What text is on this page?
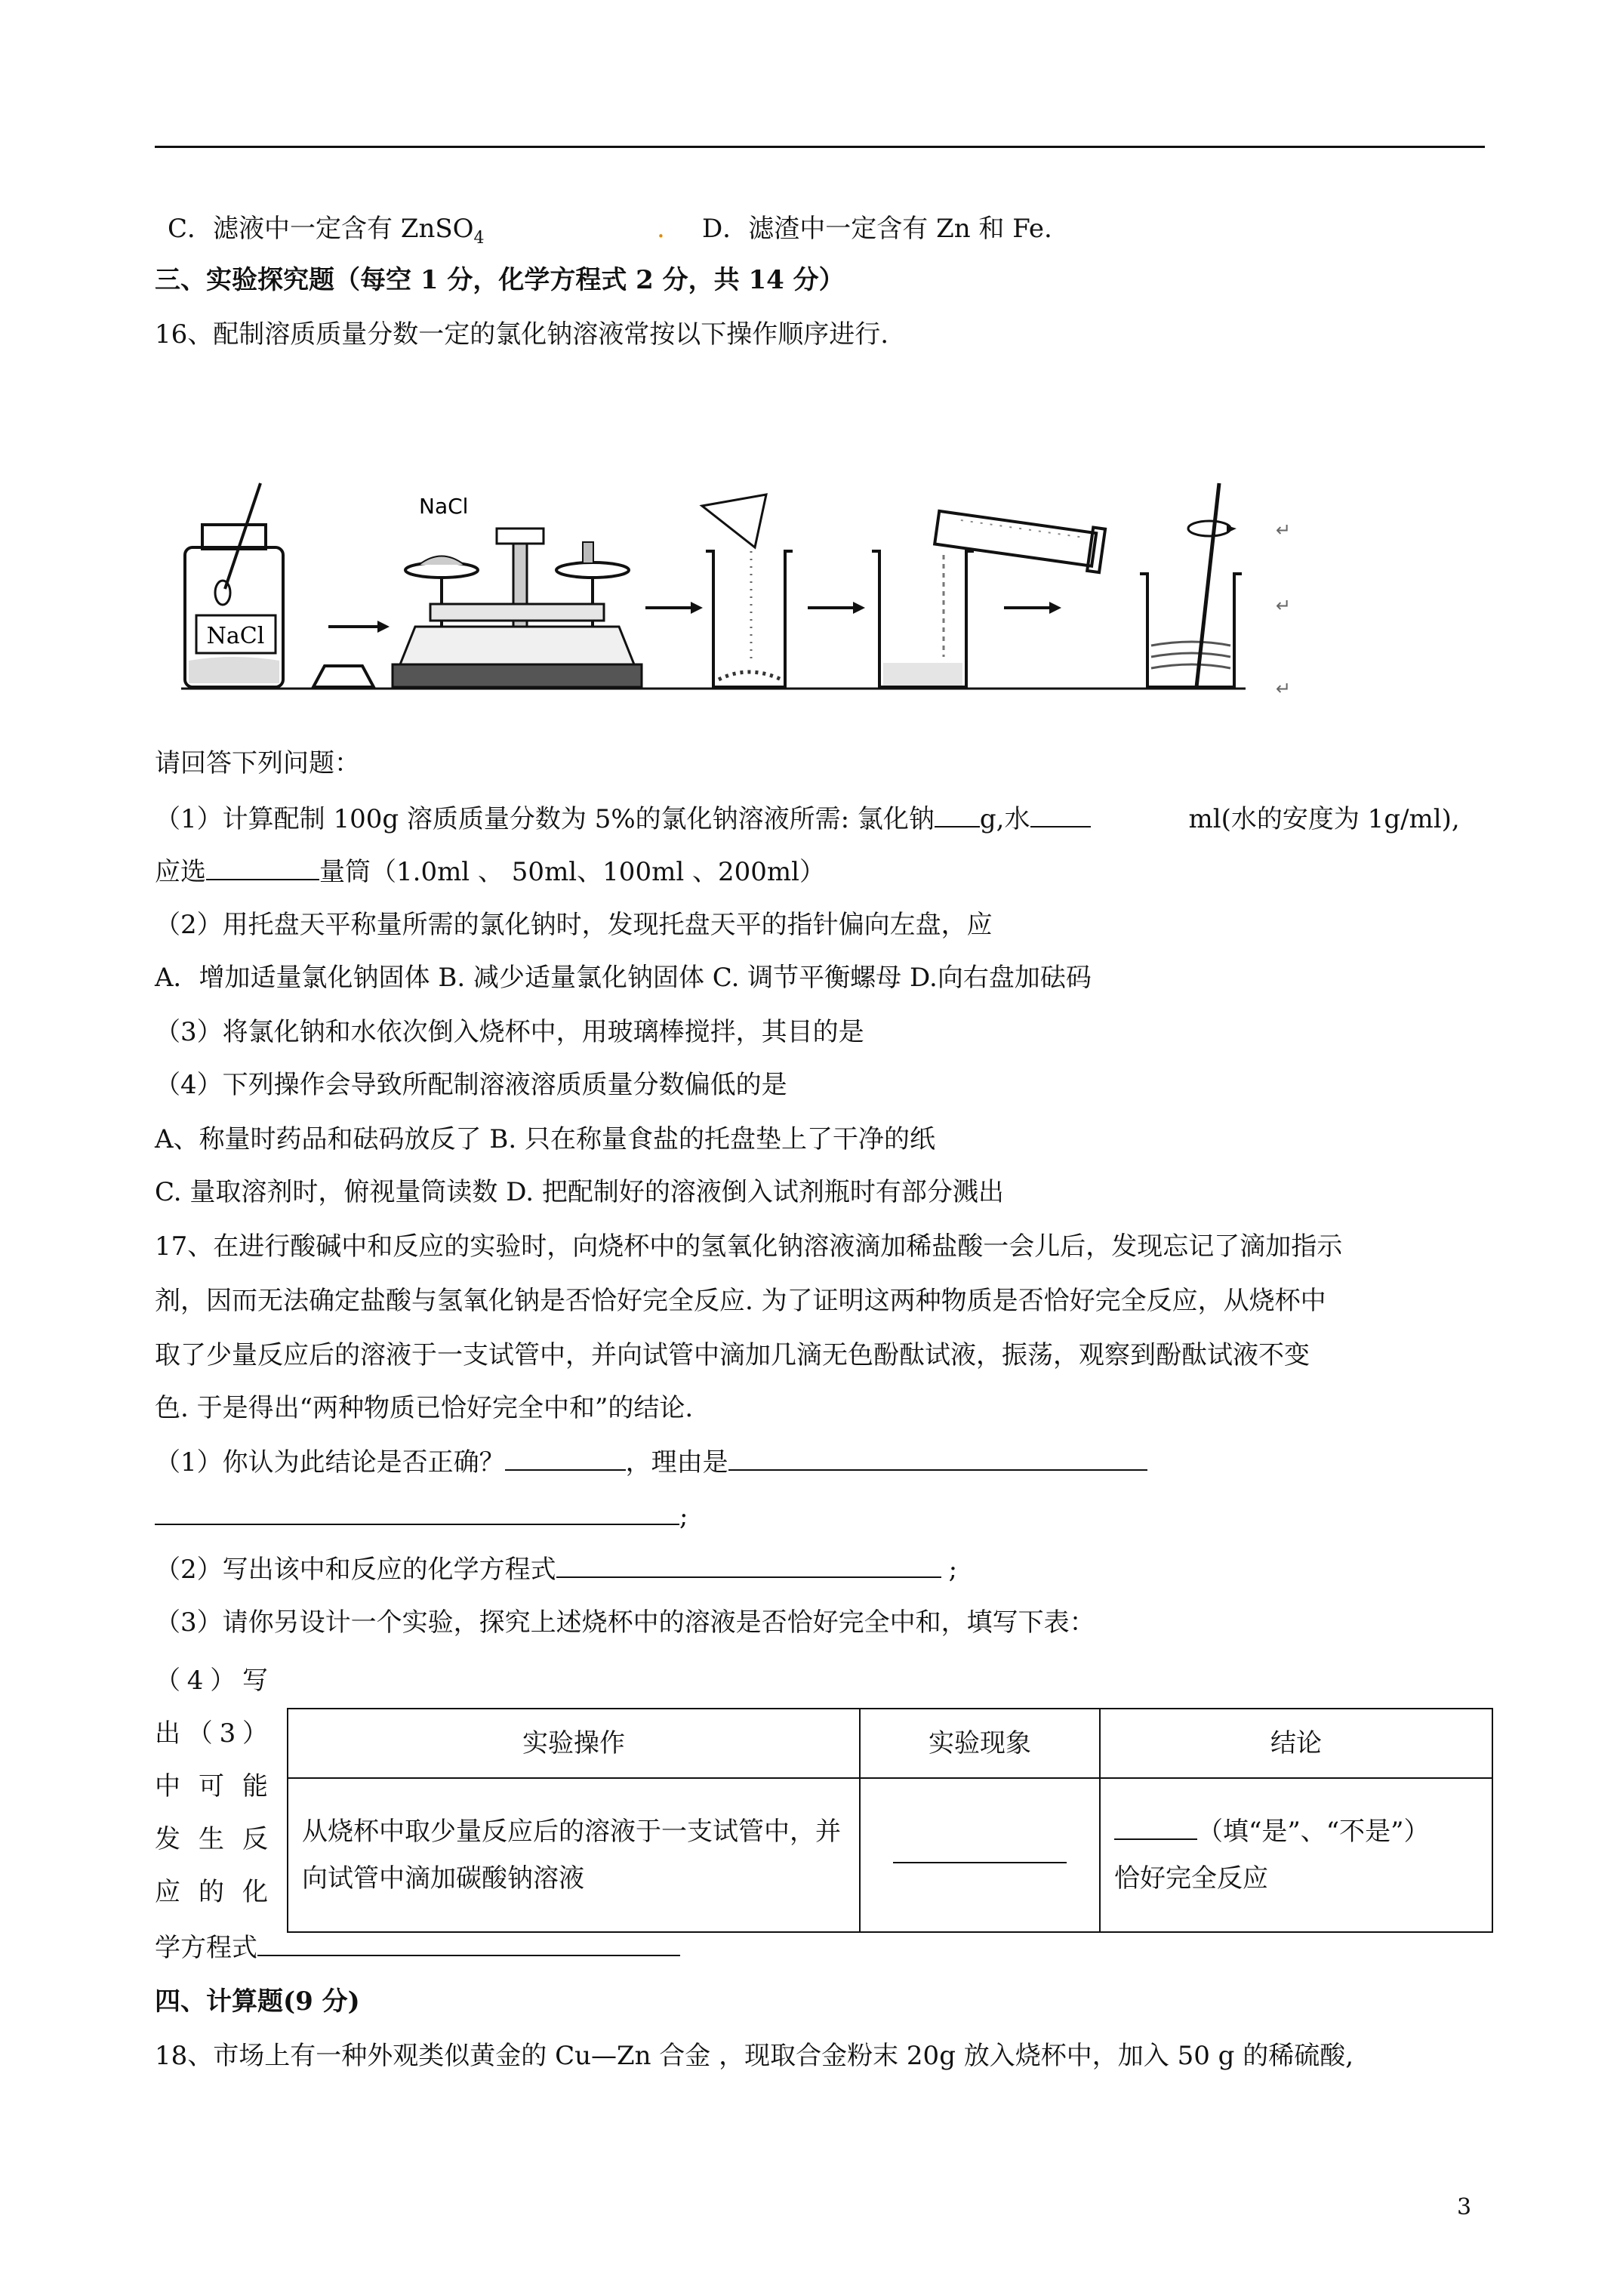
C．滤液中一定含有 ZnSO$_4$	. D．滤渣中一定含有 Zn 和 Fe.
三、实验探究题（每空 1 分，化学方程式 2 分，共 14 分）
16、配制溶质质量分数一定的氯化钠溶液常按以下操作顺序进行.
NaCl
NaCl
↵
↵
↵
请回答下列问题：
（1）计算配制 100g 溶质质量分数为 5%的氯化钠溶液所需: 氯化钠 g,水	ml(水的安度为 1g/ml),
应选	量筒（1.0ml 、 50ml、100ml 、200ml）
（2）用托盘天平称量所需的氯化钠时，发现托盘天平的指针偏向左盘，应
A．增加适量氯化钠固体 B. 减少适量氯化钠固体 C. 调节平衡螺母 D.向右盘加砝码
（3）将氯化钠和水依次倒入烧杯中，用玻璃棒搅拌，其目的是
（4）下列操作会导致所配制溶液溶质质量分数偏低的是
A、称量时药品和砝码放反了 B. 只在称量食盐的托盘垫上了干净的纸
C. 量取溶剂时，俯视量筒读数 D. 把配制好的溶液倒入试剂瓶时有部分溅出
17、在进行酸碱中和反应的实验时，向烧杯中的氢氧化钠溶液滴加稀盐酸一会儿后，发现忘记了滴加指示
剂，因而无法确定盐酸与氢氧化钠是否恰好完全反应. 为了证明这两种物质是否恰好完全反应，从烧杯中
取了少量反应后的溶液于一支试管中，并向试管中滴加几滴无色酚酞试液，振荡，观察到酚酞试液不变
色. 于是得出“两种物质已恰好完全中和”的结论.
（1）你认为此结论是否正确？	，理由是
;
（2）写出该中和反应的化学方程式	;
（3）请你另设计一个实验，探究上述烧杯中的溶液是否恰好完全中和，填写下表：
（4）写
出（3）
中可能
发生反
应的化
实验操作	实验现象	结论
从烧杯中取少量反应后的溶液于一支试管中，并向试管中滴加碳酸钠溶液		（填“是”、“不是”）
恰好完全反应
学方程式
四、计算题(9 分)
18、市场上有一种外观类似黄金的 Cu—Zn 合金 ，现取合金粉末 20g 放入烧杯中，加入 50 g 的稀硫酸,
3
